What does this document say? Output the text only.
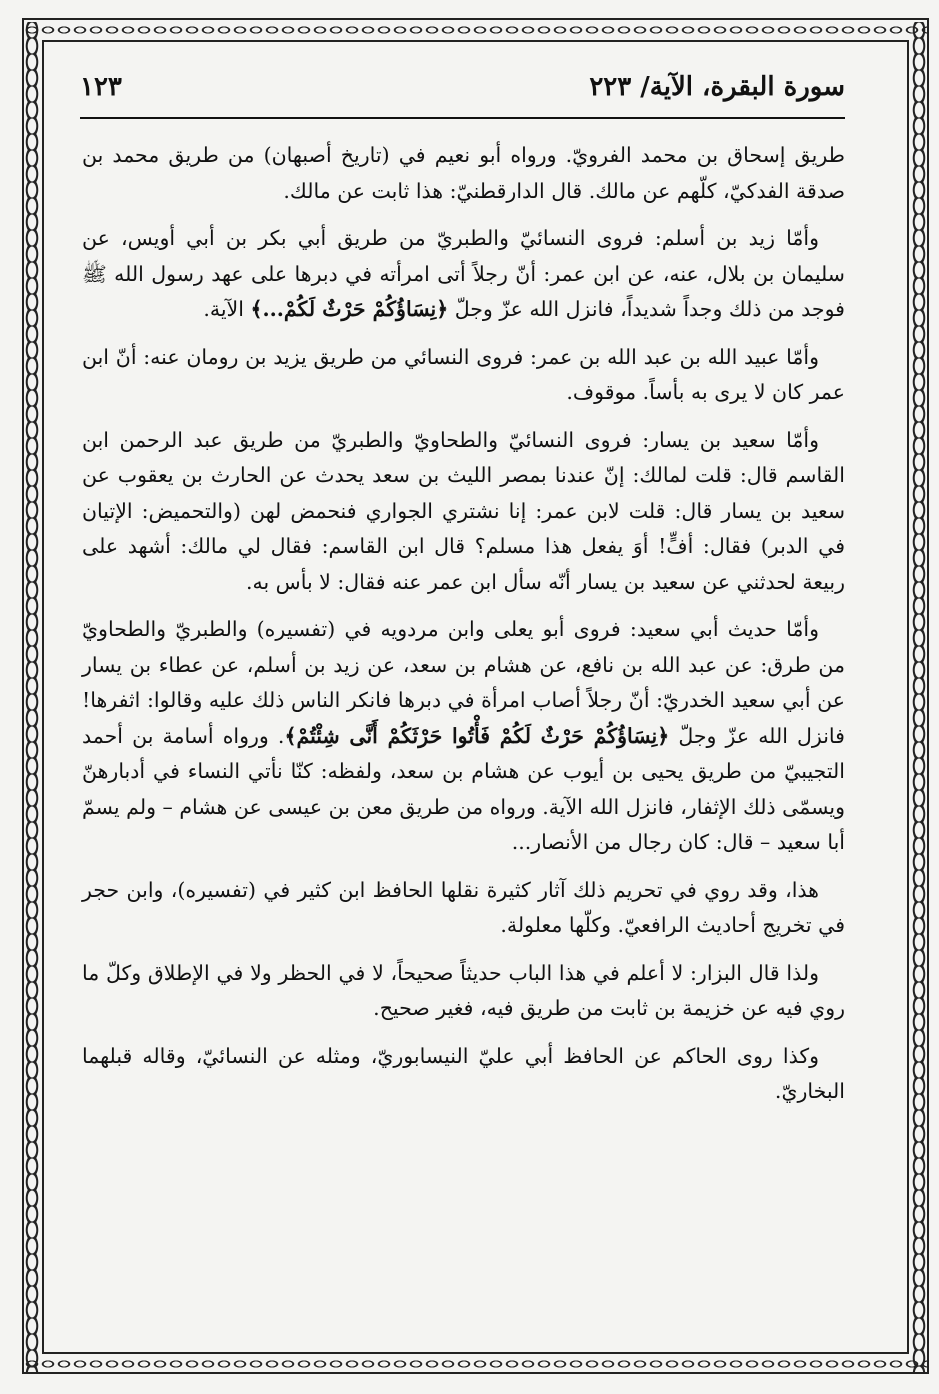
سورة البقرة، الآية/ ٢٢٣
١٢٣

طريق إسحاق بن محمد الفرويّ. ورواه أبو نعيم في (تاريخ أصبهان) من طريق محمد بن صدقة الفدكيّ، كلّهم عن مالك. قال الدارقطنيّ: هذا ثابت عن مالك.

وأمّا زيد بن أسلم: فروى النسائيّ والطبريّ من طريق أبي بكر بن أبي أويس، عن سليمان بن بلال، عنه، عن ابن عمر: أنّ رجلاً أتى امرأته في دبرها على عهد رسول الله ﷺ فوجد من ذلك وجداً شديداً، فانزل الله عزّ وجلّ ﴿نِسَاؤُكُمْ حَرْثٌ لَكُمْ...﴾ الآية.

وأمّا عبيد الله بن عبد الله بن عمر: فروى النسائي من طريق يزيد بن رومان عنه: أنّ ابن عمر كان لا يرى به بأساً. موقوف.

وأمّا سعيد بن يسار: فروى النسائيّ والطحاويّ والطبريّ من طريق عبد الرحمن ابن القاسم قال: قلت لمالك: إنّ عندنا بمصر الليث بن سعد يحدث عن الحارث بن يعقوب عن سعيد بن يسار قال: قلت لابن عمر: إنا نشتري الجواري فنحمض لهن (والتحميض: الإتيان في الدبر) فقال: أفٍّ! أوَ يفعل هذا مسلم؟ قال ابن القاسم: فقال لي مالك: أشهد على ربيعة لحدثني عن سعيد بن يسار أنّه سأل ابن عمر عنه فقال: لا بأس به.

وأمّا حديث أبي سعيد: فروى أبو يعلى وابن مردويه في (تفسيره) والطبريّ والطحاويّ من طرق: عن عبد الله بن نافع، عن هشام بن سعد، عن زيد بن أسلم، عن عطاء بن يسار عن أبي سعيد الخدريّ: أنّ رجلاً أصاب امرأة في دبرها فانكر الناس ذلك عليه وقالوا: اثفرها! فانزل الله عزّ وجلّ ﴿نِسَاؤُكُمْ حَرْثٌ لَكُمْ فَأْتُوا حَرْثَكُمْ أَنَّى شِئْتُمْ﴾. ورواه أسامة بن أحمد التجيبيّ من طريق يحيى بن أيوب عن هشام بن سعد، ولفظه: كنّا نأتي النساء في أدبارهنّ ويسمّى ذلك الإثفار، فانزل الله الآية. ورواه من طريق معن بن عيسى عن هشام – ولم يسمّ أبا سعيد – قال: كان رجال من الأنصار...

هذا، وقد روي في تحريم ذلك آثار كثيرة نقلها الحافظ ابن كثير في (تفسيره)، وابن حجر في تخريج أحاديث الرافعيّ. وكلّها معلولة.

ولذا قال البزار: لا أعلم في هذا الباب حديثاً صحيحاً، لا في الحظر ولا في الإطلاق وكلّ ما روي فيه عن خزيمة بن ثابت من طريق فيه، فغير صحيح.

وكذا روى الحاكم عن الحافظ أبي عليّ النيسابوريّ، ومثله عن النسائيّ، وقاله قبلهما البخاريّ.
